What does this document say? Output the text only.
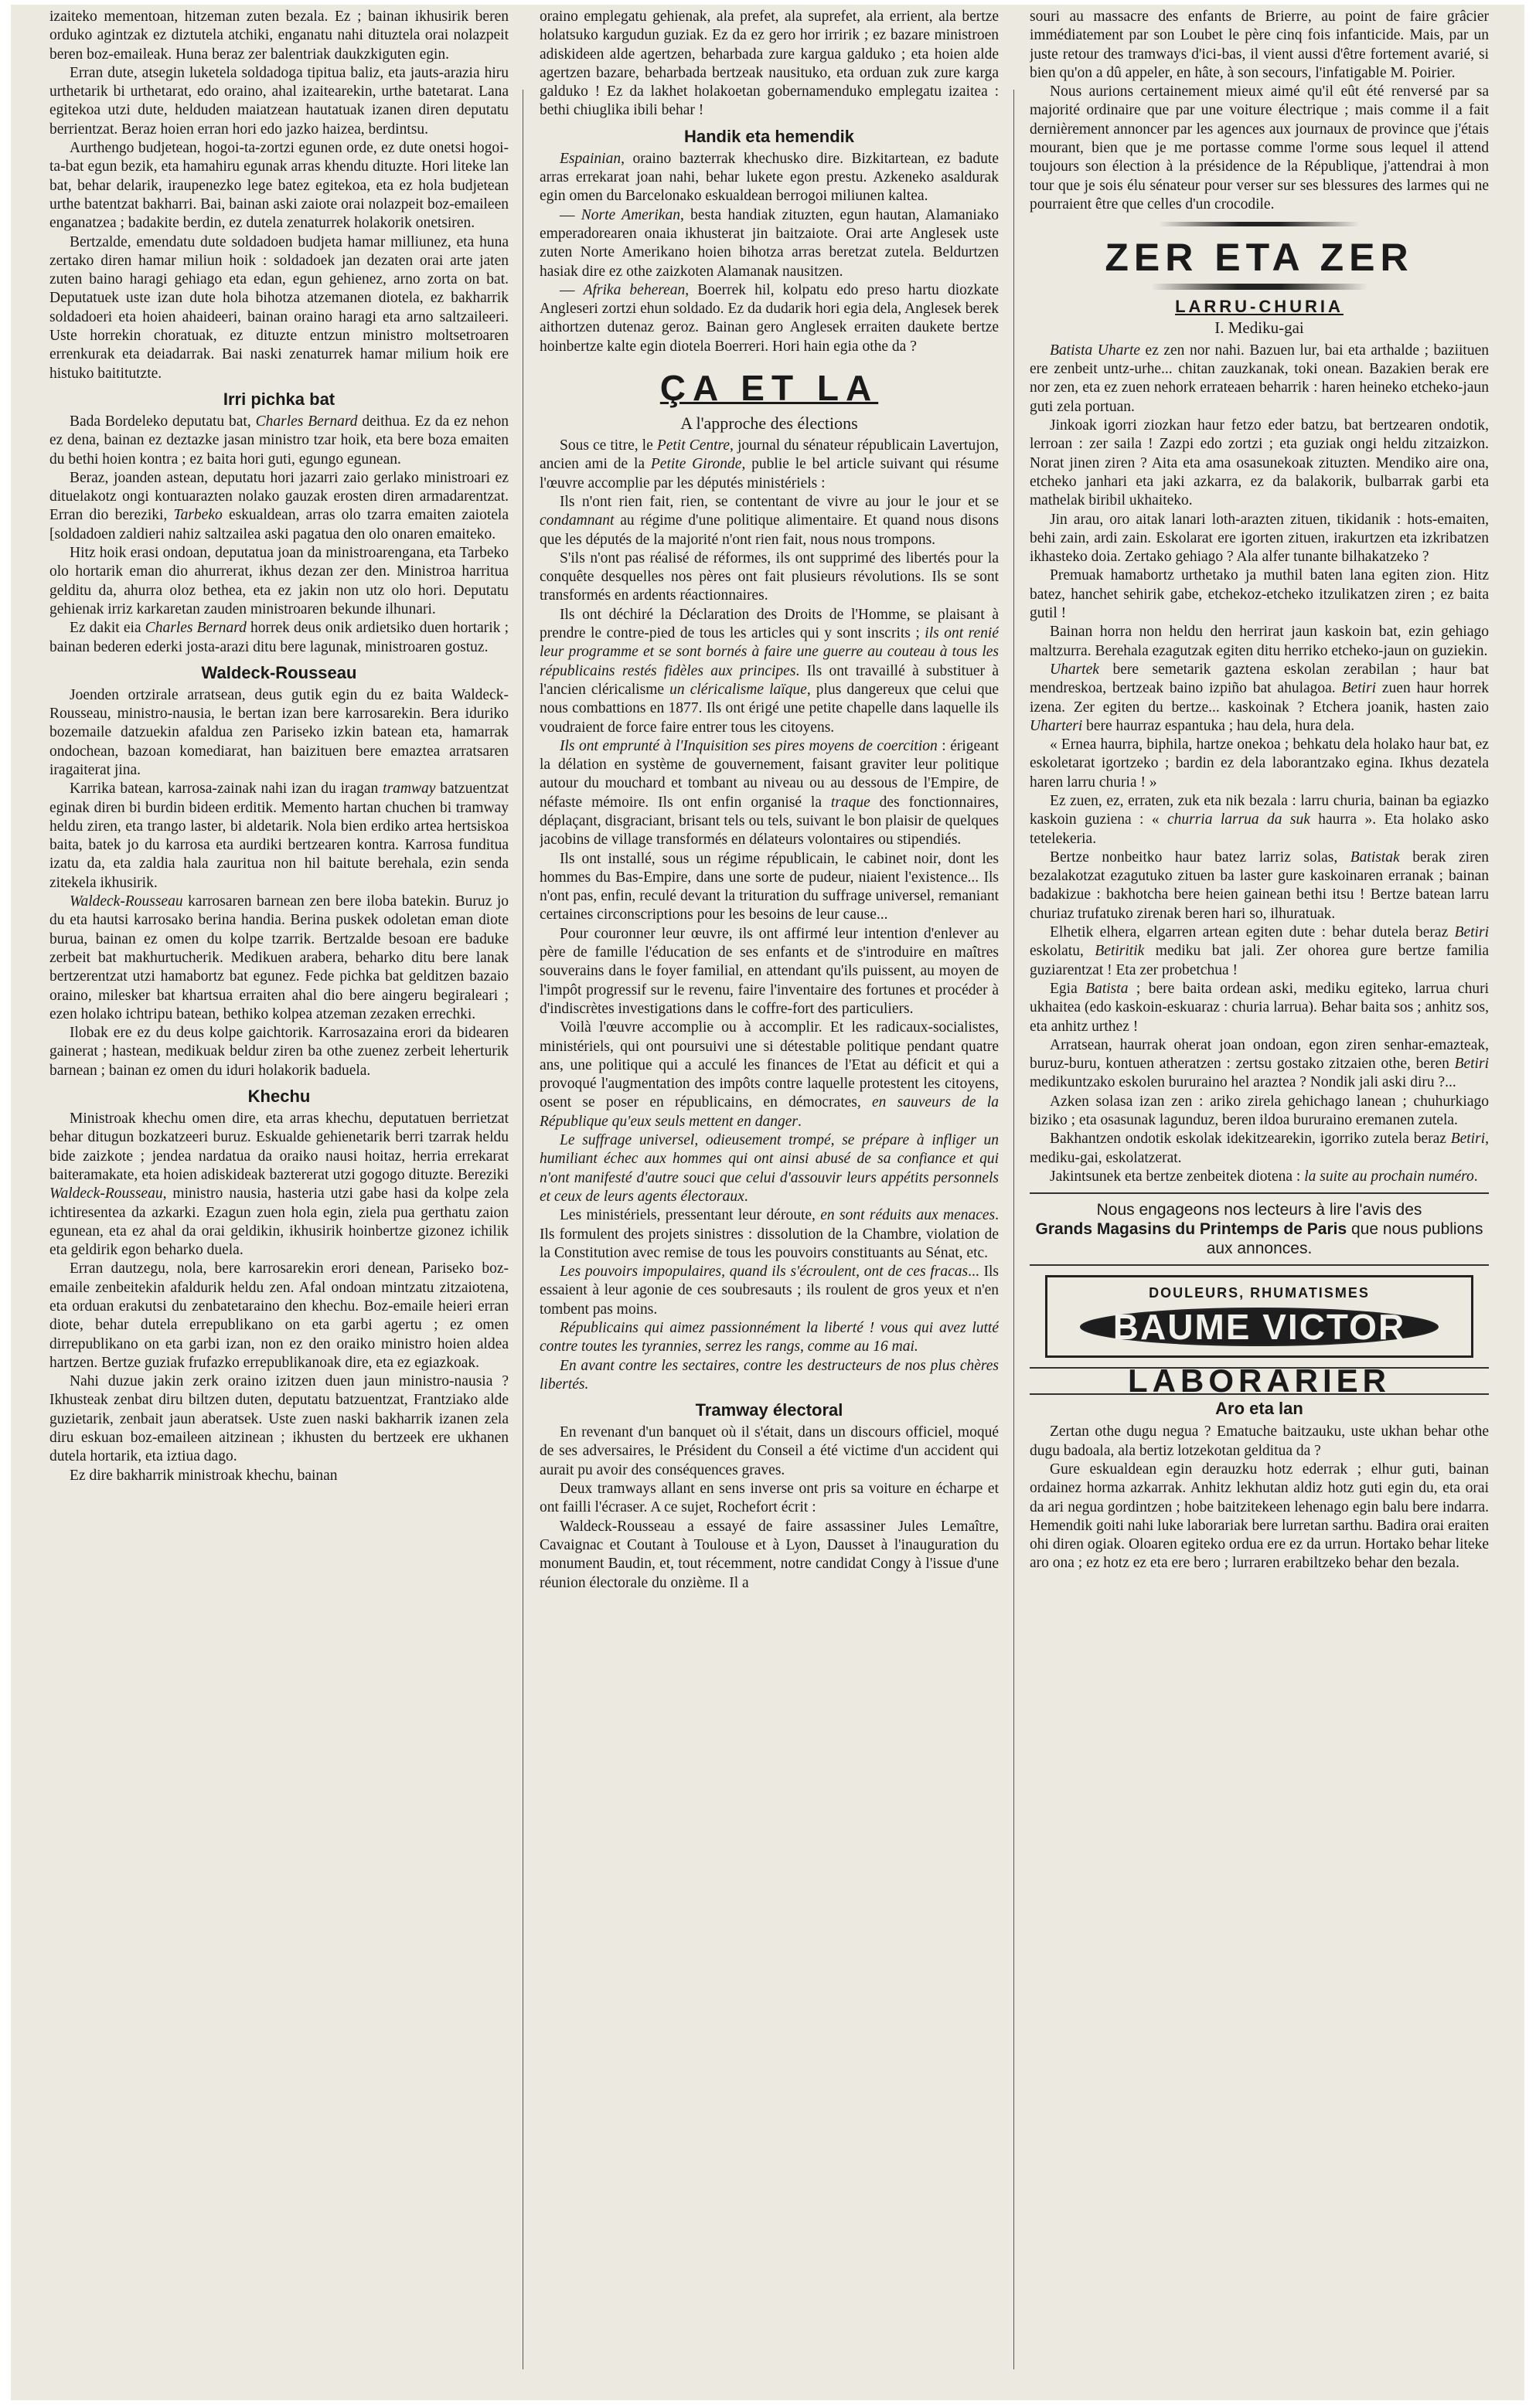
izaiteko mementoan, hitzeman zuten bezala. Ez ; bainan ikhusirik beren orduko agintzak ez diztutela atchiki, enganatu nahi dituztela orai nolazpeit beren boz-emaileak. Huna beraz zer balentriak daukzkiguten egin.

Erran dute, atsegin luketela soldadoga tipitua baliz, eta jauts-arazia hiru urthetarik bi urthetarat, edo oraino, ahal izaitearekin, urthe batetarat. Lana egitekoa utzi dute, helduden maiatzean hautatuak izanen diren deputatu berrientzat. Beraz hoien erran hori edo jazko haizea, berdintsu.

Aurthengo budjetean, hogoi-ta-zortzi egunen orde, ez dute onetsi hogoi-ta-bat egun bezik, eta hamahiru egunak arras khendu dituzte. Hori liteke lan bat, behar delarik, iraupenezko lege batez egitekoa, eta ez hola budjetean urthe batentzat bakharri. Bai, bainan aski zaiote orai nolazpeit boz-emaileen enganatzea ; badakite berdin, ez dutela zenaturrek holakorik onetsiren.

Bertzalde, emendatu dute soldadoen budjeta hamar milliunez, eta huna zertako diren hamar miliun hoik : soldadoek jan dezaten orai arte jaten zuten baino haragi gehiago eta edan, egun gehienez, arno zorta on bat. Deputatuek uste izan dute hola bihotza atzemanen diotela, ez bakharrik soldadoeri eta hoien ahaideeri, bainan oraino haragi eta arno saltzaileeri. Uste horrekin choratuak, ez dituzte entzun ministro moltsetroaren errenkurak eta deiadarrak. Bai naski zenaturrek hamar milium hoik ere histuko baititutzte.

Irri pichka bat

Bada Bordeleko deputatu bat, Charles Bernard deithua. Ez da ez nehon ez dena, bainan ez deztazke jasan ministro tzar hoik, eta bere boza emaiten du bethi hoien kontra ; ez baita hori guti, egungo egunean.

Beraz, joanden astean, deputatu hori jazarri zaio gerlako ministroari ez dituelakotz ongi kontuarazten nolako gauzak erosten diren armadarentzat. Erran dio bereziki, Tarbeko eskualdean, arras olo tzarra emaiten zaiotela [soldadoen zaldieri nahiz saltzailea aski pagatua den olo onaren emaiteko.

Hitz hoik erasi ondoan, deputatua joan da ministroarengana, eta Tarbeko olo hortarik eman dio ahurrerat, ikhus dezan zer den. Ministroa harritua gelditu da, ahurra oloz bethea, eta ez jakin non utz olo hori. Deputatu gehienak irriz karkaretan zauden ministroaren bekunde ilhunari.

Ez dakit eia Charles Bernard horrek deus onik ardietsiko duen hortarik ; bainan bederen ederki josta-arazi ditu bere lagunak, ministroaren gostuz.

Waldeck-Rousseau

Joenden ortzirale arratsean, deus gutik egin du ez baita Waldeck-Rousseau, ministro-nausia, le bertan izan bere karrosarekin. Bera iduriko bozemaile datzuekin afalduа zen Pariseko izkin batean eta, hamarrak ondochean, bazoan komediarat, han baizituen bere emaztea arratsaren iragaiterat jina.

Karrika batean, karrosa-zainak nahi izan du iragan tramway batzuentzat eginak diren bi burdin bideen erditik. Memento hartan chuchen bi tramway heldu ziren, eta trango laster, bi aldetarik. Nola bien erdiko artea hertsiskoa baita, batek jo du karrosa eta aurdiki bertzearen kontra. Karrosa funditua izatu da, eta zaldia hala zauritua non hil baitute berehala, ezin senda zitekela ikhusirik.

Waldeck-Rousseau karrosaren barnean zen bere iloba batekin. Buruz jo du eta hautsi karrosako berina handia. Berina puskek odoletan eman diote burua, bainan ez omen du kolpe tzarrik. Bertzalde besoan ere baduke zerbeit bat makhurtucherik. Medikuen arabera, beharko ditu bere lanak bertzerentzat utzi hamabortz bat egunez. Fede pichka bat gelditzen bazaio oraino, milesker bat khartsua erraiten ahal dio bere aingeru begiraleari ; ezen holako ichtripu batean, bethiko kolpea atzeman zezaken errechki.

Ilobak ere ez du deus kolpe gaichtorik. Karrosazaina erori da bidearen gainerat ; hastean, medikuak beldur ziren ba othe zuenez zerbeit leherturik barnean ; bainan ez omen du iduri holakorik baduela.

Khechu

Ministroak khechu omen dire, eta arras khechu, deputatuen berrietzat behar ditugun bozkatzeeri buruz. Eskualde gehienetarik berri tzarrak heldu bide zaizkote ; jendea nardatua da oraiko nausi hoitaz, herria errekarat baiteramakate, eta hoien adiskideak baztererat utzi gogogo dituzte. Bereziki Waldeck-Rousseau, ministro nausia, hasteria utzi gabe hasi da kolpe zela ichtiresentea da azkarki. Ezagun zuen hola egin, ziela pua gerthatu zaion egunean, eta ez ahal da orai geldikin, ikhusirik hoinbertze gizonez ichilik eta geldirik egon beharko duela.

Erran dautzegu, nola, bere karrosarekin erori denean, Pariseko boz-emaile zenbeitekin afaldurik heldu zen. Afal ondoan mintzatu zitzaiotena, eta orduan erakutsi du zenbatetaraino den khechu. Boz-emaile heieri erran diote, behar dutela errepublikano on eta garbi agertu ; ez omen dirrepublikano on eta garbi izan, non ez den oraiko ministro hoien aldea hartzen. Bertze guziak frufazko errepublikanoak dire, eta ez egiazkoak.

Nahi duzue jakin zerk oraino izitzen duen jaun ministro-nausia ? Ikhusteak zenbat diru biltzen duten, deputatu batzuentzat, Frantziako alde guzietarik, zenbait jaun aberatsek. Uste zuen naski bakharrik izanen zela diru eskuan boz-emaileen aitzinean ; ikhusten du bertzeek ere ukhanen dutela hortarik, eta iztiua dago.

Ez dire bakharrik ministroak khechu, bainan

oraino emplegatu gehienak, ala prefet, ala suprefet, ala errient, ala bertze holatsuko kargudun guziak. Ez da ez gero hor irririk ; ez bazare ministroen adiskideen alde agertzen, beharbada zure kargua galduko ; eta hoien alde agertzen bazare, beharbada bertzeak nausituko, eta orduan zuk zure karga galduko ! Ez da lakhet holakoetan gobernamenduko emplegatu izaitea : bethi chiuglika ibili behar !

Handik eta hemendik

Espainian, oraino bazterrak khechusko dire. Bizkitartean, ez badute arras errekarat joan nahi, behar lukete egon prestu. Azkeneko asaldurak egin omen du Barcelonako eskualdean berrogoi miliunen kaltea.

— Norte Amerikan, besta handiak zituzten, egun hautan, Alamaniako emperadorearen onaia ikhusterat jin baitzaiote. Orai arte Anglesek uste zuten Norte Amerikano hoien bihotza arras beretzat zutela. Beldurtzen hasiak dire ez othe zaizkoten Alamanak nausitzen.

— Afrika beherean, Boerrek hil, kolpatu edo preso hartu diozkate Angleseri zortzi ehun soldado. Ez da dudarik hori egia dela, Anglesek berek aithortzen dutenaz geroz. Bainan gero Anglesek erraiten daukete bertze hoinbertze kalte egin diotela Boerreri. Hori hain egia othe da ?

ÇA ET LA
A l'approche des élections

Sous ce titre, le Petit Centre, journal du sénateur républicain Lavertujon, ancien ami de la Petite Gironde, publie le bel article suivant qui résume l'œuvre accomplie par les députés ministériels :

Ils n'ont rien fait, rien, se contentant de vivre au jour le jour et se condamnant au régime d'une politique alimentaire. Et quand nous disons que les députés de la majorité n'ont rien fait, nous nous trompons.

S'ils n'ont pas réalisé de réformes, ils ont supprimé des libertés pour la conquête desquelles nos pères ont fait plusieurs révolutions. Ils se sont transformés en ardents réactionnaires.

Ils ont déchiré la Déclaration des Droits de l'Homme, se plaisant à prendre le contre-pied de tous les articles qui y sont inscrits ; ils ont renié leur programme et se sont bornés à faire une guerre au couteau à tous les républicains restés fidèles aux principes. Ils ont travaillé à substituer à l'ancien cléricalisme un cléricalisme laïque, plus dangereux que celui que nous combattions en 1877. Ils ont érigé une petite chapelle dans laquelle ils voudraient de force faire entrer tous les citoyens.

Ils ont emprunté à l'Inquisition ses pires moyens de coercition : érigeant la délation en système de gouvernement, faisant graviter leur politique autour du mouchard et tombant au niveau ou au dessous de l'Empire, de néfaste mémoire. Ils ont enfin organisé la traque des fonctionnaires, déplaçant, disgraciant, brisant tels ou tels, suivant le bon plaisir de quelques jacobins de village transformés en délateurs volontaires ou stipendiés.

Ils ont installé, sous un régime républicain, le cabinet noir, dont les hommes du Bas-Empire, dans une sorte de pudeur, niaient l'existence... Ils n'ont pas, enfin, reculé devant la trituration du suffrage universel, remaniant certaines circonscriptions pour les besoins de leur cause...

Pour couronner leur œuvre, ils ont affirmé leur intention d'enlever au père de famille l'éducation de ses enfants et de s'introduire en maîtres souverains dans le foyer familial, en attendant qu'ils puissent, au moyen de l'impôt progressif sur le revenu, faire l'inventaire des fortunes et procéder à d'indiscrètes investigations dans le coffre-fort des particuliers.

Voilà l'œuvre accomplie ou à accomplir. Et les radicaux-socialistes, ministériels, qui ont poursuivi une si détestable politique pendant quatre ans, une politique qui a acculé les finances de l'Etat au déficit et qui a provoqué l'augmentation des impôts contre laquelle protestent les citoyens, osent se poser en républicains, en démocrates, en sauveurs de la République qu'eux seuls mettent en danger.

Le suffrage universel, odieusement trompé, se prépare à infliger un humiliant échec aux hommes qui ont ainsi abusé de sa confiance et qui n'ont manifesté d'autre souci que celui d'assouvir leurs appétits personnels et ceux de leurs agents électoraux.

Les ministériels, pressentant leur déroute, en sont réduits aux menaces. Ils formulent des projets sinistres : dissolution de la Chambre, violation de la Constitution avec remise de tous les pouvoirs constituants au Sénat, etc.

Les pouvoirs impopulaires, quand ils s'écroulent, ont de ces fracas... Ils essaient à leur agonie de ces soubresauts ; ils roulent de gros yeux et n'en tombent pas moins.

Républicains qui aimez passionnément la liberté ! vous qui avez lutté contre toutes les tyrannies, serrez les rangs, comme au 16 mai.

En avant contre les sectaires, contre les destructeurs de nos plus chères libertés.

Tramway électoral

En revenant d'un banquet où il s'était, dans un discours officiel, moqué de ses adversaires, le Président du Conseil a été victime d'un accident qui aurait pu avoir des conséquences graves.

Deux tramways allant en sens inverse ont pris sa voiture en écharpe et ont failli l'écraser. A ce sujet, Rochefort écrit :

Waldeck-Rousseau a essayé de faire assassiner Jules Lemaître, Cavaignac et Coutant à Toulouse et à Lyon, Dausset à l'inauguration du monument Baudin, et, tout récemment, notre candidat Congy à l'issue d'une réunion électorale du onzième. Il a

souri au massacre des enfants de Brierre, au point de faire grâcier immédiatement par son Loubet le père cinq fois infanticide. Mais, par un juste retour des tramways d'ici-bas, il vient aussi d'être fortement avarié, si bien qu'on a dû appeler, en hâte, à son secours, l'infatigable M. Poirier.

Nous aurions certainement mieux aimé qu'il eût été renversé par sa majorité ordinaire que par une voiture électrique ; mais comme il a fait dernièrement annoncer par les agences aux journaux de province que j'étais mourant, bien que je me portasse comme l'orme sous lequel il attend toujours son élection à la présidence de la République, j'attendrai à mon tour que je sois élu sénateur pour verser sur ses blessures des larmes qui ne pourraient être que celles d'un crocodile.

ZER ETA ZER
LARRU-CHURIA
I. Mediku-gai

Batista Uharte ez zen nor nahi. Bazuen lur, bai eta arthalde ; baziituen ere zenbeit untz-urhe... chitan zauzkanak, toki onean. Bazakien berak ere nor zen, eta ez zuen nehork errateaen beharrik : haren heineko etcheko-jaun guti zela portuan.

Jinkoak igorri ziozkan haur fetzo eder batzu, bat bertzearen ondotik, lerroan : zer saila ! Zazpi edo zortzi ; eta guziak ongi heldu zitzaizkon. Norat jinen ziren ? Aita eta ama osasunekoak zituzten. Mendiko aire ona, etcheko janhari eta jaki azkarra, ez da balakorik, bulbarrak garbi eta mathelak biribil ukhaiteko.

Jin arau, oro aitak lanari loth-arazten zituen, tikidanik : hots-emaiten, behi zain, ardi zain. Eskolarat ere igorten zituen, irakurtzen eta izkribatzen ikhasteko doia. Zertako gehiago ? Ala alfer tunante bilhakatzeko ?

Premuak hamabortz urthetako ja muthil baten lana egiten zion. Hitz batez, hanchet sehirik gabe, etchekoz-etcheko itzulikatzen ziren ; ez baita gutil !

Bainan horra non heldu den herrirat jaun kaskoin bat, ezin gehiago maltzurra. Berehala ezagutzak egiten ditu herriko etcheko-jaun on guziekin.

Uhartek bere semetarik gaztena eskolan zerabilan ; haur bat mendreskoa, bertzeak baino izpiño bat ahulagoa. Betiri zuen haur horrek izena. Zer egiten du bertze... kaskoinak ? Etchera joanik, hasten zaio Uharteri bere haurraz espantuka ; hau dela, hura dela.

« Ernea haurra, biphila, hartze onekoa ; behkatu dela holako haur bat, ez eskoletarat igortzeko ; bardin ez dela laborantzako egina. Ikhus dezatela haren larru churia ! »

Ez zuen, ez, erraten, zuk eta nik bezala : larru churia, bainan ba egiazko kaskoin guziena : « churria larrua da suk haurra ». Eta holako asko tetelekeria.

Bertze nonbeitko haur batez larriz solas, Batistak berak ziren bezalakotzat ezagutuko zituen ba laster gure kaskoinaren erranak ; bainan badakizue : bakhotcha bere heien gainean bethi itsu ! Bertze batean larru churiaz trufatuko zirenak beren hari so, ilhuratuak.

Elhetik elhera, elgarren artean egiten dute : behar dutela beraz Betiri eskolatu, Betiritik mediku bat jali. Zer ohorea gure bertze familia guziarentzat ! Eta zer probetchua !

Egia Batista ; bere baita ordean aski, mediku egiteko, larrua churi ukhaitea (edo kaskoin-eskuaraz : churia larrua). Behar baita sos ; anhitz sos, eta anhitz urthez !

Arratsean, haurrak oherat joan ondoan, egon ziren senhar-emazteak, buruz-buru, kontuen atheratzen : zertsu gostako zitzaien othe, beren Betiri medikuntzako eskolen bururaino hel araztea ? Nondik jali aski diru ?...

Azken solasa izan zen : ariko zirela gehichago lanean ; chuhurkiago biziko ; eta osasunak lagunduz, beren ildoa bururaino eremanen zutela.

Bakhantzen ondotik eskolak idekitzearekin, igorriko zutela beraz Betiri, mediku-gai, eskolatzerat.

Jakintsunek eta bertze zenbeitek diotena : la suite au prochain numéro.

Nous engageons nos lecteurs à lire l'avis des
Grands Magasins du Printemps de Paris que nous publions aux annonces.
DOULEURS, RHUMATISMES
BAUME VICTOR
LABORARIER
Aro eta lan

Zertan othe dugu negua ? Ematuche baitzauku, uste ukhan behar othe dugu badoala, ala bertiz lotzekotan gelditua da ?

Gure eskualdean egin derauzku hotz ederrak ; elhur guti, bainan ordainez horma azkarrak. Anhitz lekhutan aldiz hotz guti egin du, eta orai da ari negua gordintzen ; hobe baitzitekeen lehenago egin balu bere indarra. Hemendik goiti nahi luke laborariak bere lurretan sarthu. Badira orai eraiten ohi diren ogiak. Oloaren egiteko ordua ere ez da urrun. Hortako behar liteke aro ona ; ez hotz ez eta ere bero ; lurraren erabiltzeko behar den bezala.
